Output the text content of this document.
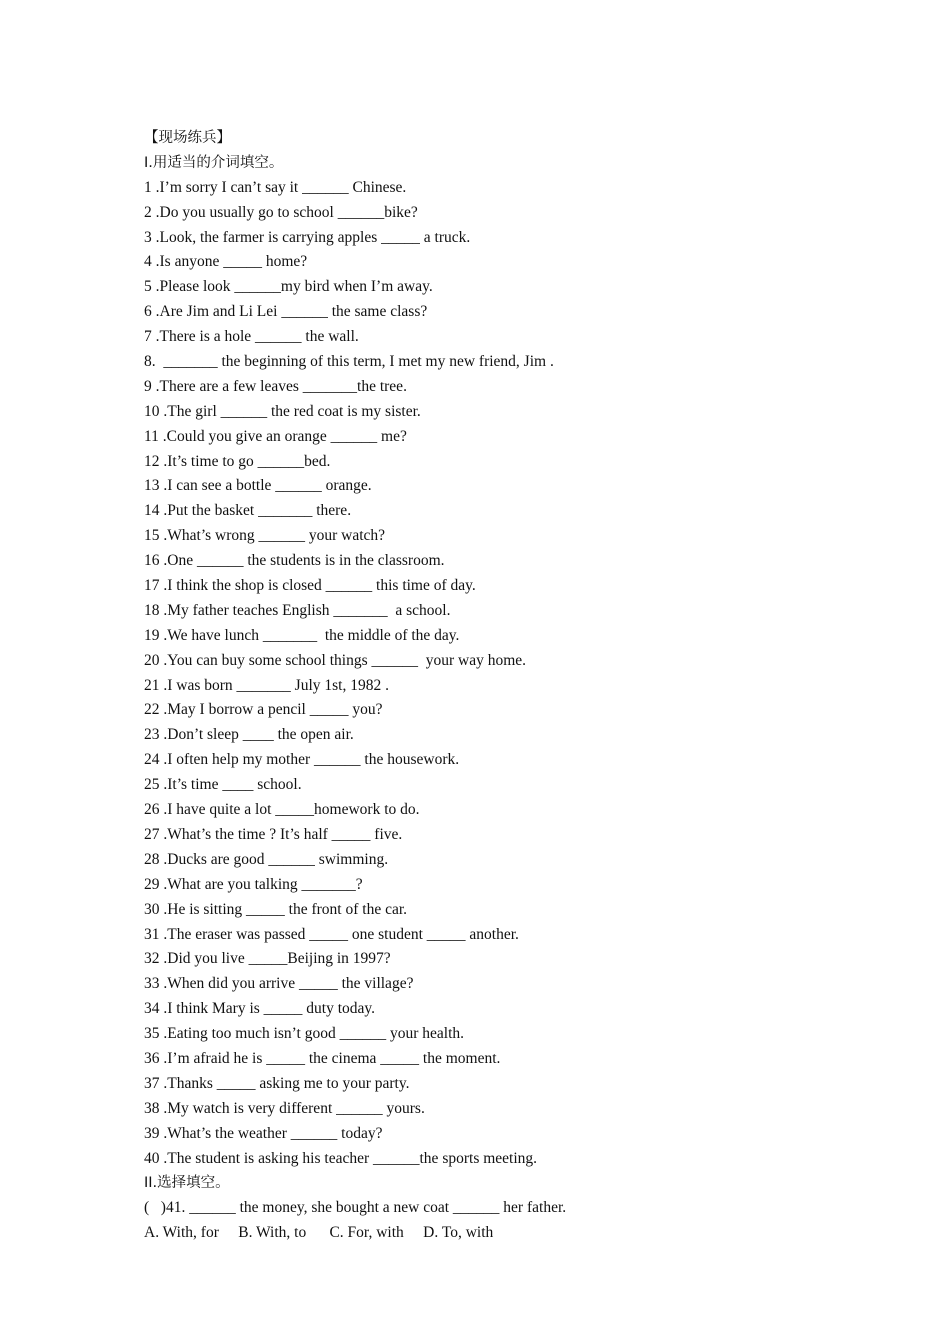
【现场练兵】
I.用适当的介词填空。
1 .I’m sorry I can’t say it ______ Chinese.
2 .Do you usually go to school ______bike?
3 .Look, the farmer is carrying apples _____ a truck.
4 .Is anyone _____ home?
5 .Please look ______my bird when I’m away.
6 .Are Jim and Li Lei ______ the same class?
7 .There is a hole ______ the wall.
8.  _______ the beginning of this term, I met my new friend, Jim .
9 .There are a few leaves _______the tree.
10 .The girl ______ the red coat is my sister.
11 .Could you give an orange ______ me?
12 .It’s time to go ______bed.
13 .I can see a bottle ______ orange.
14 .Put the basket _______ there.
15 .What’s wrong ______ your watch?
16 .One ______ the students is in the classroom.
17 .I think the shop is closed ______ this time of day.
18 .My father teaches English _______  a school.
19 .We have lunch _______  the middle of the day.
20 .You can buy some school things ______  your way home.
21 .I was born _______ July 1st, 1982 .
22 .May I borrow a pencil _____ you?
23 .Don’t sleep ____ the open air.
24 .I often help my mother ______ the housework.
25 .It’s time ____ school.
26 .I have quite a lot _____homework to do.
27 .What’s the time ? It’s half _____ five.
28 .Ducks are good ______ swimming.
29 .What are you talking _______?
30 .He is sitting _____ the front of the car.
31 .The eraser was passed _____ one student _____ another.
32 .Did you live _____Beijing in 1997?
33 .When did you arrive _____ the village?
34 .I think Mary is _____ duty today.
35 .Eating too much isn’t good ______ your health.
36 .I’m afraid he is _____ the cinema _____ the moment.
37 .Thanks _____ asking me to your party.
38 .My watch is very different ______ yours.
39 .What’s the weather ______ today?
40 .The student is asking his teacher ______the sports meeting.
II.选择填空。
(   )41. ______ the money, she bought a new coat ______ her father.
A. With, for     B. With, to      C. For, with     D. To, with
